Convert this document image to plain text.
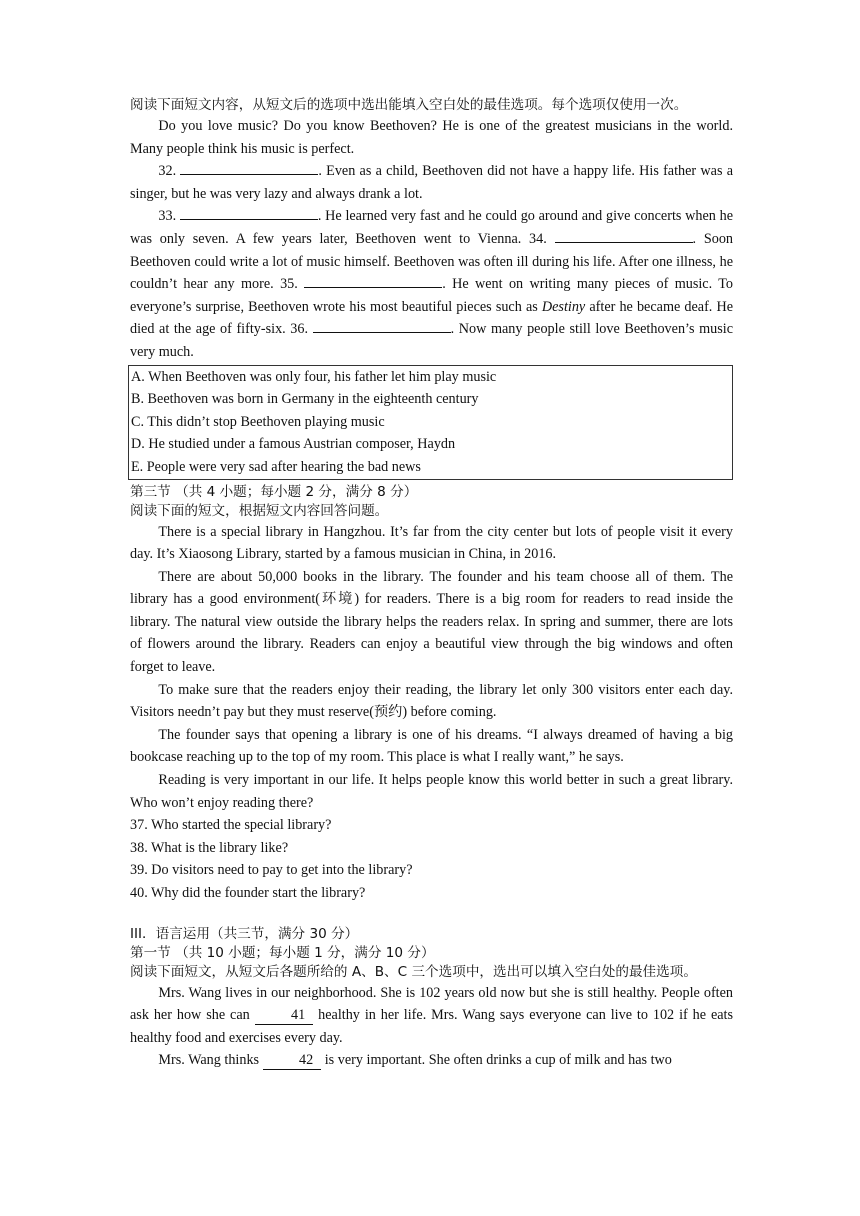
阅读下面短文内容，从短文后的选项中选出能填入空白处的最佳选项。每个选项仅使用一次。

Do you love music? Do you know Beethoven? He is one of the greatest musicians in the world. Many people think his music is perfect.

32.	. Even as a child, Beethoven did not have a happy life. His father was a singer, but he was very lazy and always drank a lot.

33.	. He learned very fast and he could go around and give concerts when he was only seven. A few years later, Beethoven went to Vienna. 34.	. Soon Beethoven could write a lot of music himself. Beethoven was often ill during his life. After one illness, he couldn’t hear any more. 35.	. He went on writing many pieces of music. To everyone’s surprise, Beethoven wrote his most beautiful pieces such as Destiny after he became deaf. He died at the age of fifty-six. 36.	. Now many people still love Beethoven’s music very much.

A. When Beethoven was only four, his father let him play music
B. Beethoven was born in Germany in the eighteenth century
C. This didn’t stop Beethoven playing music
D. He studied under a famous Austrian composer, Haydn
E. People were very sad after hearing the bad news

第三节 （共 4 小题；每小题 2 分，满分 8 分）

阅读下面的短文，根据短文内容回答问题。

There is a special library in Hangzhou. It’s far from the city center but lots of people visit it every day. It’s Xiaosong Library, started by a famous musician in China, in 2016.

There are about 50,000 books in the library. The founder and his team choose all of them. The library has a good environment(环境) for readers. There is a big room for readers to read inside the library. The natural view outside the library helps the readers relax. In spring and summer, there are lots of flowers around the library. Readers can enjoy a beautiful view through the big windows and often forget to leave.

To make sure that the readers enjoy their reading, the library let only 300 visitors enter each day. Visitors needn’t pay but they must reserve(预约) before coming.

The founder says that opening a library is one of his dreams. “I always dreamed of having a big bookcase reaching up to the top of my room. This place is what I really want,” he says.

Reading is very important in our life. It helps people know this world better in such a great library. Who won’t enjoy reading there?

37. Who started the special library?

38. What is the library like?

39. Do visitors need to pay to get into the library?

40. Why did the founder start the library?

III．语言运用（共三节，满分 30 分）

第一节 （共 10 小题；每小题 1 分，满分 10 分）

阅读下面短文，从短文后各题所给的 A、B、C 三个选项中，选出可以填入空白处的最佳选项。

Mrs. Wang lives in our neighborhood. She is 102 years old now but she is still healthy. People often ask her how she can	41 healthy in her life. Mrs. Wang says everyone can live to 102 if he eats healthy food and exercises every day.

Mrs. Wang thinks	42 is very important. She often drinks a cup of milk and has two
